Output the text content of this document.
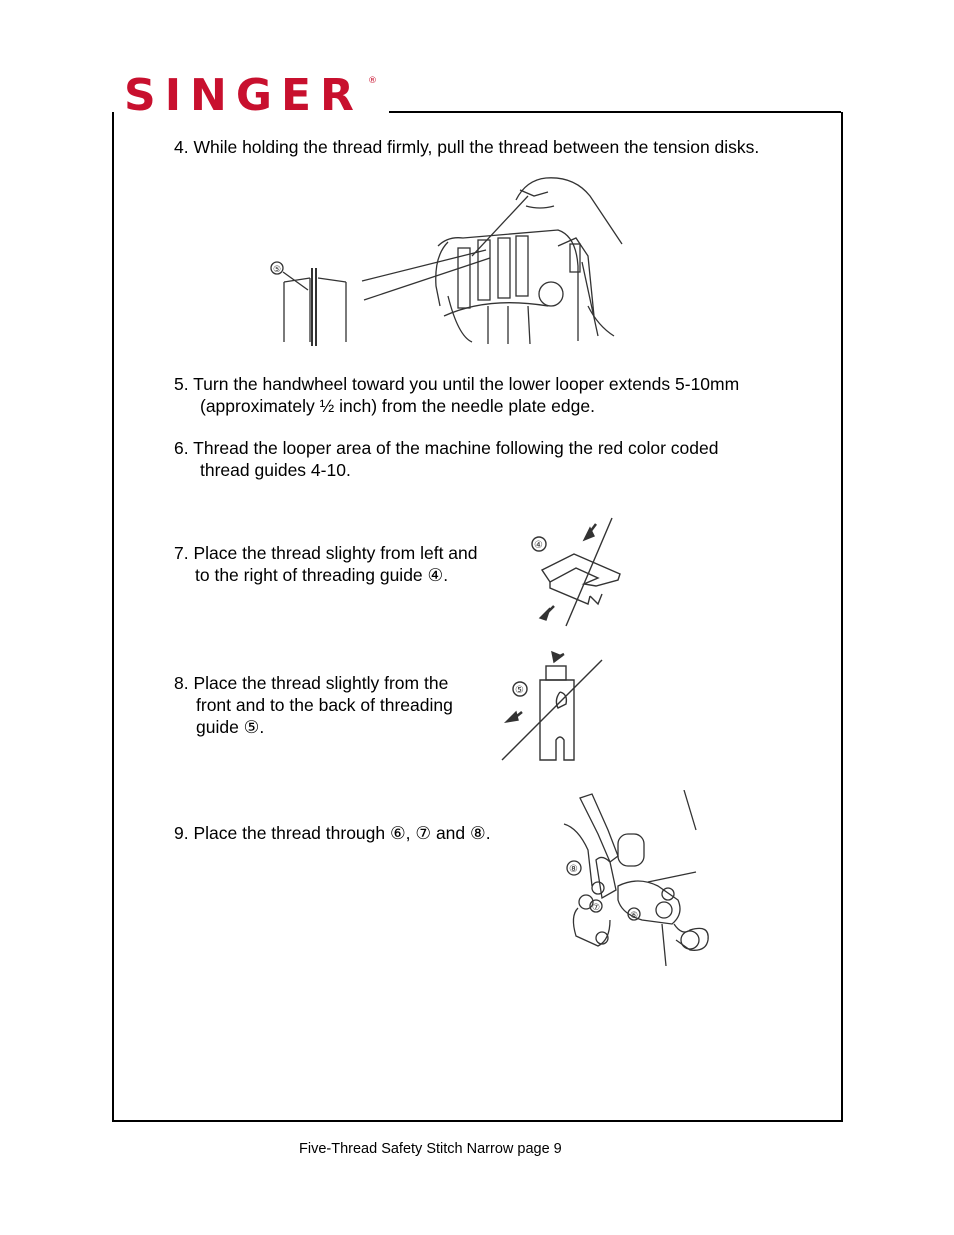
SINGER ®
4. While holding the thread firmly, pull the thread between the tension disks.
⑤
5. Turn the handwheel toward you until the lower looper extends 5-10mm
(approximately ½ inch) from the needle plate edge.
6. Thread the looper area of the machine following the red color coded
thread guides 4-10.
7. Place the thread slighty from left and
to the right of threading guide ④.
④
8. Place the thread slightly from the
front and to the back of threading
guide ⑤.
⑤
9. Place the thread through ⑥, ⑦ and ⑧.
⑧
⑦
⑥
Five-Thread Safety Stitch Narrow page 9
